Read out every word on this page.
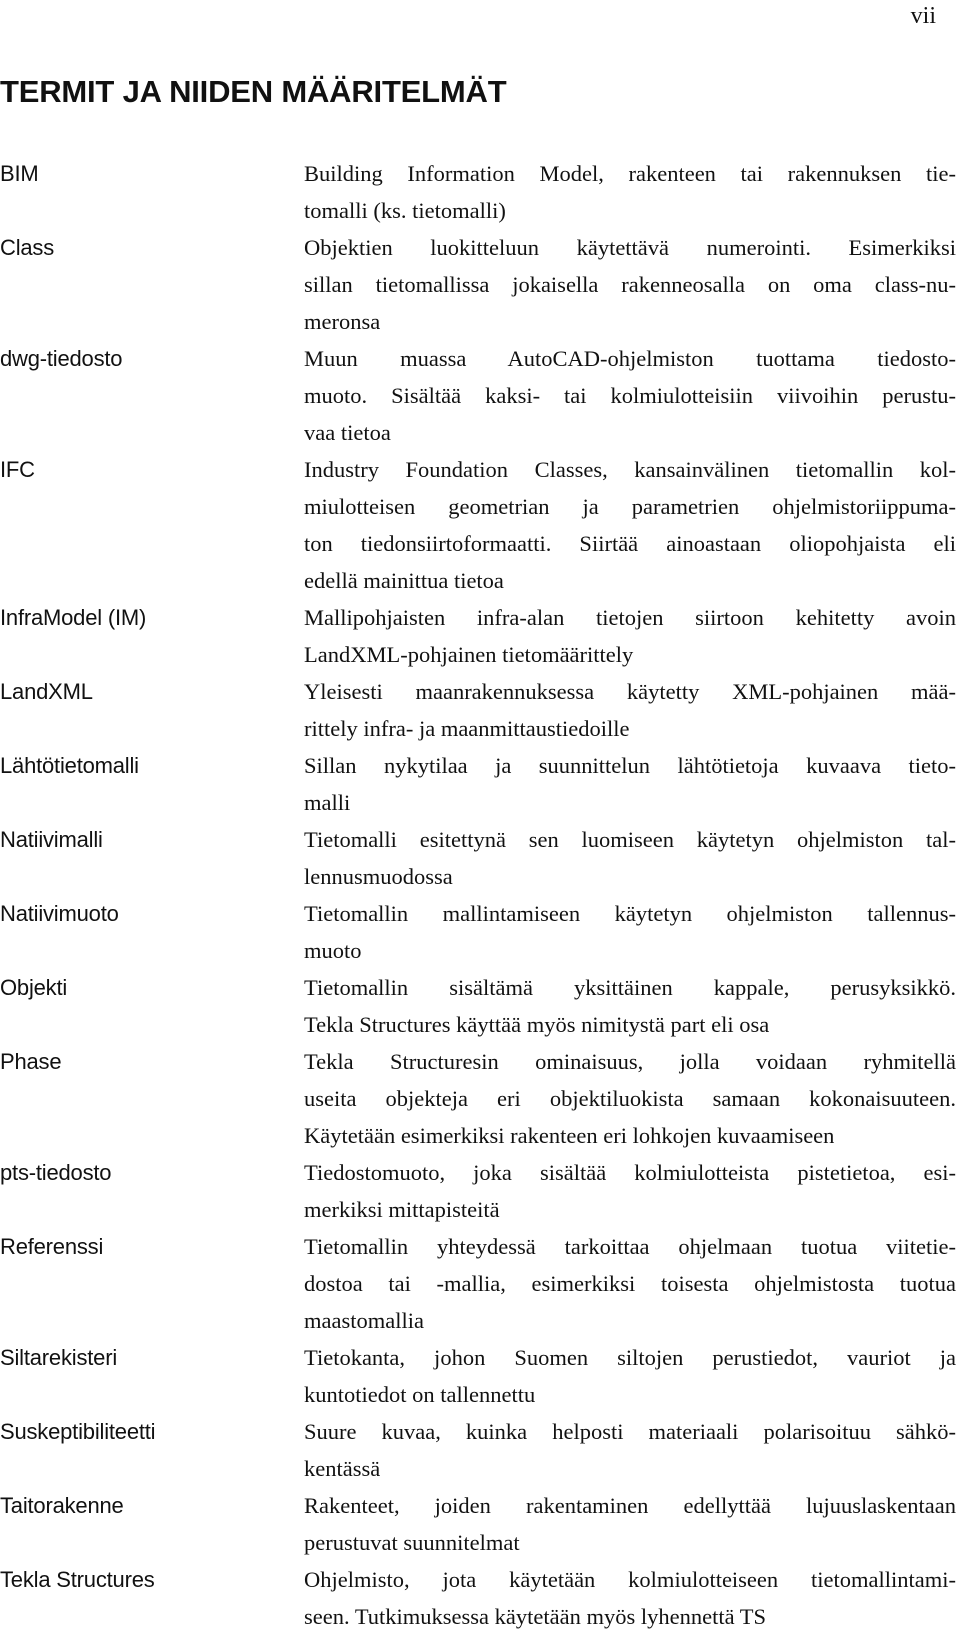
vii
TERMIT JA NIIDEN MÄÄRITELMÄT
BIM	Building Information Model, rakenteen tai rakennuksen tie-
tomalli (ks. tietomalli)
Class	Objektien luokitteluun käytettävä numerointi. Esimerkiksi
sillan tietomallissa jokaisella rakenneosalla on oma class-nu-
meronsa
dwg-tiedosto	Muun muassa AutoCAD-ohjelmiston tuottama tiedosto-
muoto. Sisältää kaksi- tai kolmiulotteisiin viivoihin perustu-
vaa tietoa
IFC	Industry Foundation Classes, kansainvälinen tietomallin kol-
miulotteisen geometrian ja parametrien ohjelmistoriippuma-
ton tiedonsiirtoformaatti. Siirtää ainoastaan oliopohjaista eli
edellä mainittua tietoa
InfraModel (IM)	Mallipohjaisten infra-alan tietojen siirtoon kehitetty avoin
LandXML-pohjainen tietomäärittely
LandXML	Yleisesti maanrakennuksessa käytetty XML-pohjainen mää-
rittely infra- ja maanmittaustiedoille
Lähtötietomalli	Sillan nykytilaa ja suunnittelun lähtötietoja kuvaava tieto-
malli
Natiivimalli	Tietomalli esitettynä sen luomiseen käytetyn ohjelmiston tal-
lennusmuodossa
Natiivimuoto	Tietomallin mallintamiseen käytetyn ohjelmiston tallennus-
muoto
Objekti	Tietomallin sisältämä yksittäinen kappale, perusyksikkö.
Tekla Structures käyttää myös nimitystä part eli osa
Phase	Tekla Structuresin ominaisuus, jolla voidaan ryhmitellä
useita objekteja eri objektiluokista samaan kokonaisuuteen.
Käytetään esimerkiksi rakenteen eri lohkojen kuvaamiseen
pts-tiedosto	Tiedostomuoto, joka sisältää kolmiulotteista pistetietoa, esi-
merkiksi mittapisteitä
Referenssi	Tietomallin yhteydessä tarkoittaa ohjelmaan tuotua viitetie-
dostoa tai -mallia, esimerkiksi toisesta ohjelmistosta tuotua
maastomallia
Siltarekisteri	Tietokanta, johon Suomen siltojen perustiedot, vauriot ja
kuntotiedot on tallennettu
Suskeptibiliteetti	Suure kuvaa, kuinka helposti materiaali polarisoituu sähkö-
kentässä
Taitorakenne	Rakenteet, joiden rakentaminen edellyttää lujuuslaskentaan
perustuvat suunnitelmat
Tekla Structures	Ohjelmisto, jota käytetään kolmiulotteiseen tietomallintami-
seen. Tutkimuksessa käytetään myös lyhennettä TS
